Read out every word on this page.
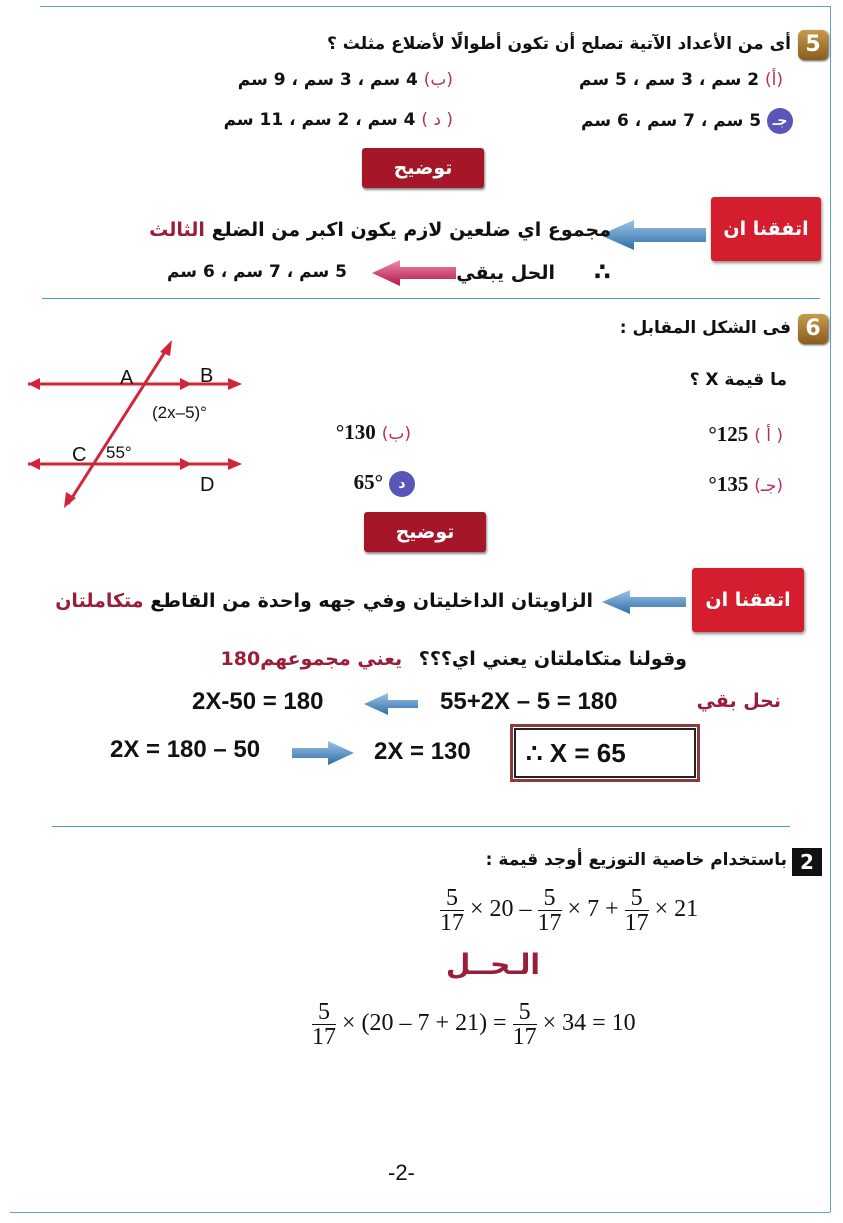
5
أى من الأعداد الآتية تصلح أن تكون أطوالًا لأضلاع مثلث ؟
(أ) 2 سم ، 3 سم ، 5 سم
(ب) 4 سم ، 3 سم ، 9 سم
جـ 5 سم ، 7 سم ، 6 سم
( د ) 4 سم ، 2 سم ، 11 سم
توضيح
اتفقنا ان
مجموع اي ضلعين لازم يكون اكبر من الضلع الثالث
∴
الحل يبقي
5 سم ، 7 سم ، 6 سم
6
فى الشكل المقابل :
ما قيمة X ؟
A	B
C
D
(2x–5)°
55°
( أ ) 125°
(ب) 130°
(جـ) 135°
د 65°
توضيح
اتفقنا ان
الزاويتان الداخليتان وفي جهه واحدة من القاطع متكاملتان
وقولنا متكاملتان يعني اي؟؟؟ يعني مجموعهم180
نحل بقي
55+2X – 5 = 180
2X-50 = 180
2X = 180 – 50	2X = 130	∴ X = 65
2
باستخدام خاصية التوزيع أوجد قيمة :
$\frac{5}{17} \times 20 - \frac{5}{17} \times 7 + \frac{5}{17} \times 21$
الـحــل
$\frac{5}{17} \times (20 - 7 + 21) = \frac{5}{17} \times 34 = 10$
-2-
